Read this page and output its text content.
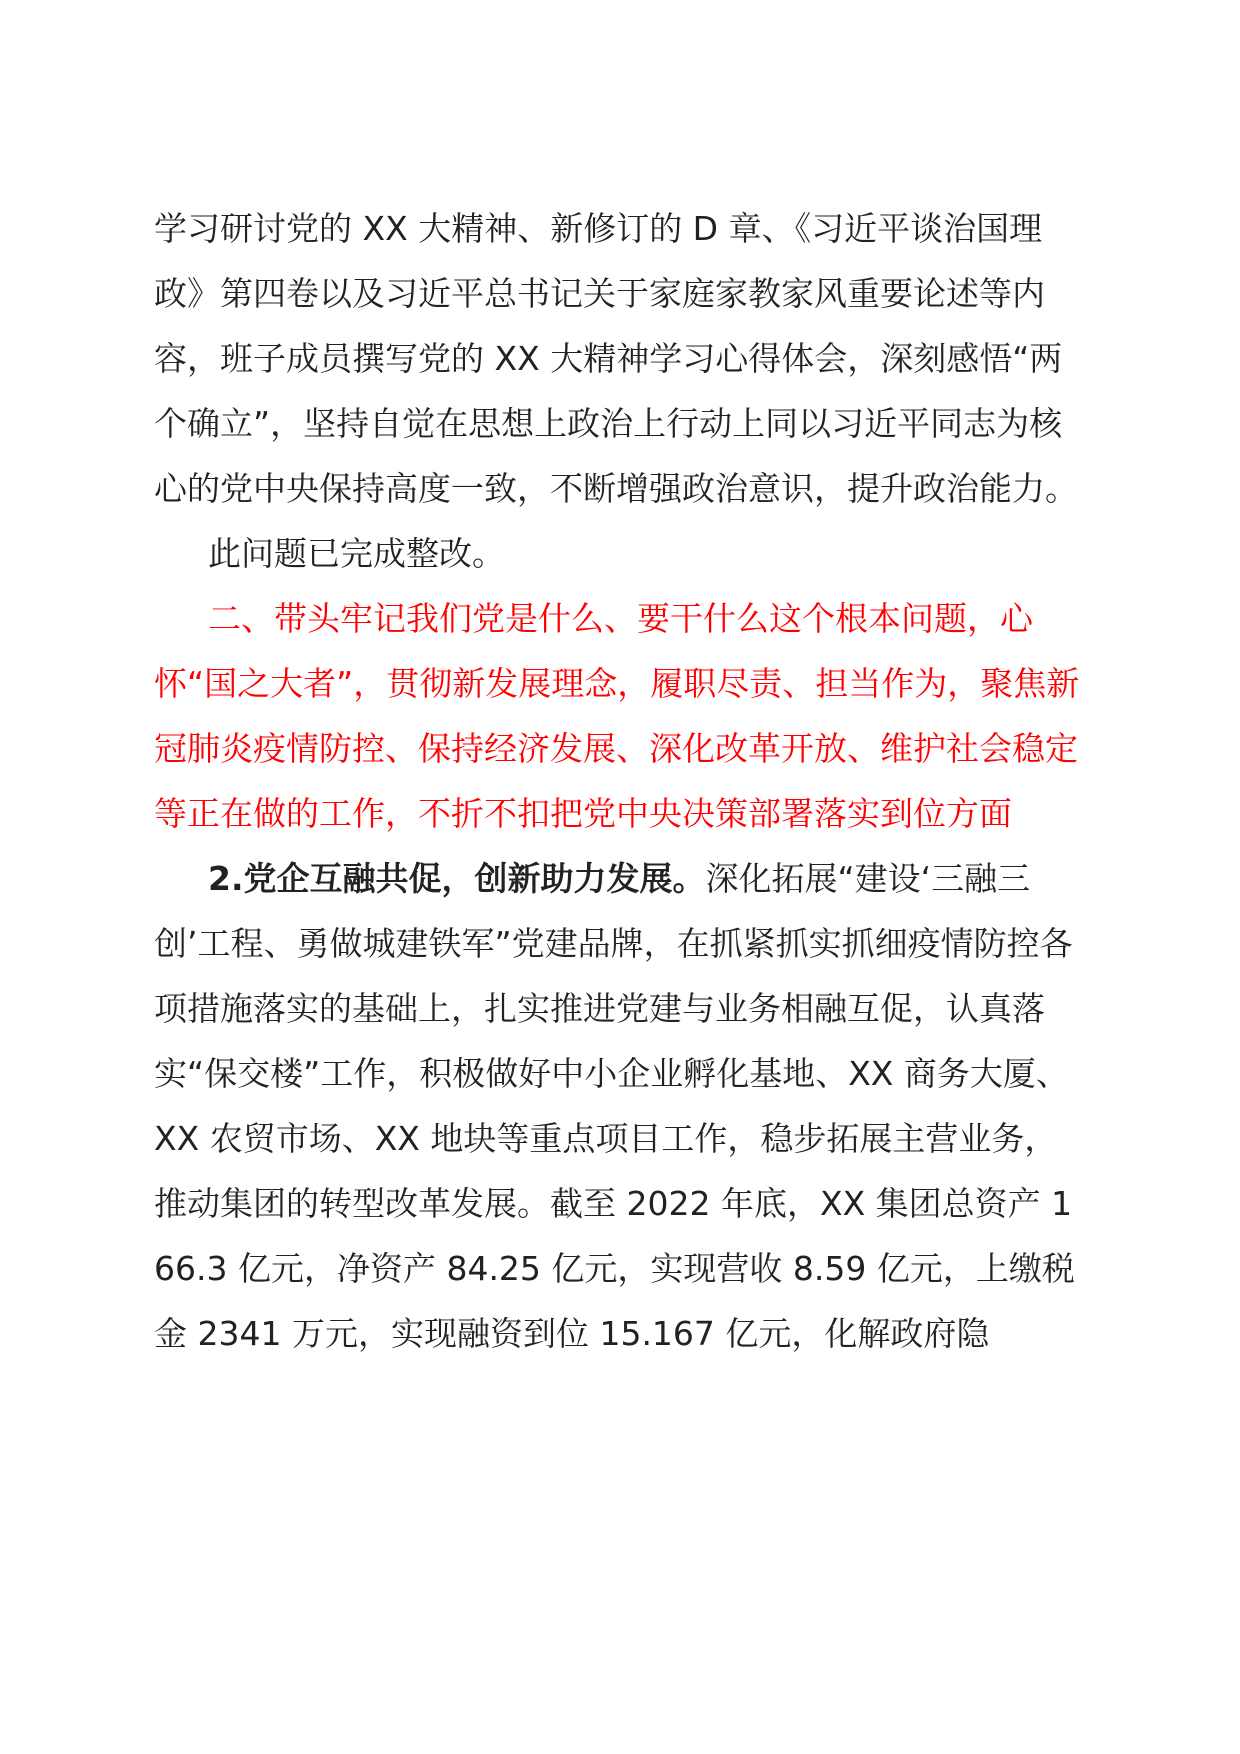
学习研讨党的 XX 大精神、新修订的 D 章、《习近平谈治国理政》第四卷以及习近平总书记关于家庭家教家风重要论述等内容，班子成员撰写党的 XX 大精神学习心得体会，深刻感悟“两个确立”，坚持自觉在思想上政治上行动上同以习近平同志为核心的党中央保持高度一致，不断增强政治意识，提升政治能力。

此问题已完成整改。

二、带头牢记我们党是什么、要干什么这个根本问题，心怀“国之大者”，贯彻新发展理念，履职尽责、担当作为，聚焦新冠肺炎疫情防控、保持经济发展、深化改革开放、维护社会稳定等正在做的工作，不折不扣把党中央决策部署落实到位方面

2.党企互融共促，创新助力发展。深化拓展“建设‘三融三创’工程、勇做城建铁军”党建品牌，在抓紧抓实抓细疫情防控各项措施落实的基础上，扎实推进党建与业务相融互促，认真落实“保交楼”工作，积极做好中小企业孵化基地、XX 商务大厦、XX 农贸市场、XX 地块等重点项目工作，稳步拓展主营业务，推动集团的转型改革发展。截至 2022 年底，XX 集团总资产 166.3 亿元，净资产 84.25 亿元，实现营收 8.59 亿元，上缴税金 2341 万元，实现融资到位 15.167 亿元，化解政府隐
